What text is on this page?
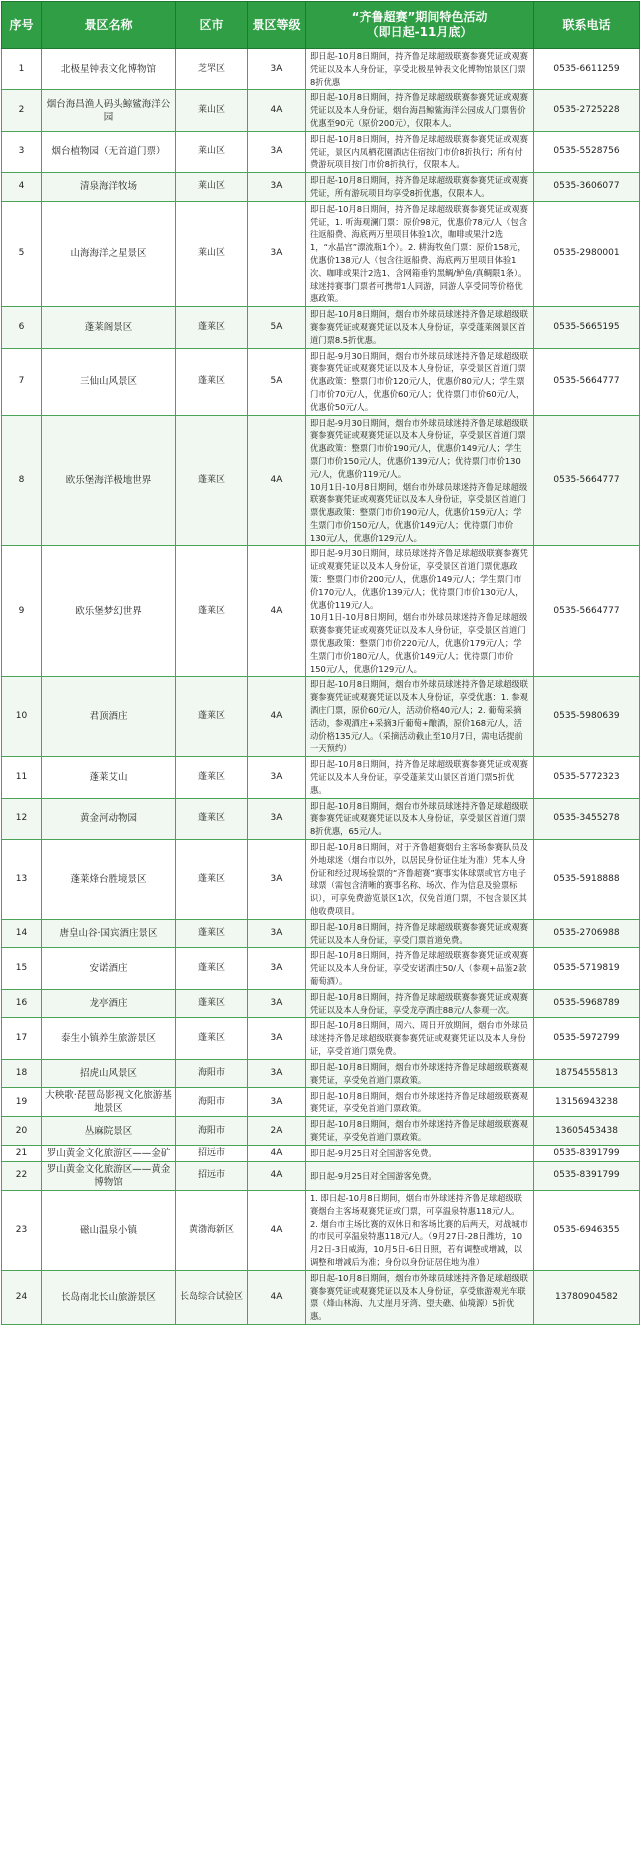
序号	景区名称	区市	景区等级	“齐鲁超赛”期间特色活动
（即日起-11月底）	联系电话
1	北极星钟表文化博物馆	芝罘区	3A	即日起-10月8日期间，持齐鲁足球超级联赛参赛凭证或观赛凭证以及本人身份证，享受北极星钟表文化博物馆景区门票8折优惠	0535-6611259
2	烟台海昌渔人码头鲸鲨海洋公园	莱山区	4A	即日起-10月8日期间，持齐鲁足球超级联赛参赛凭证或观赛凭证以及本人身份证，烟台海昌鲸鲨海洋公园成人门票售价优惠至90元（原价200元），仅限本人。	0535-2725228
3	烟台植物园（无首道门票）	莱山区	3A	即日起-10月8日期间，持齐鲁足球超级联赛参赛凭证或观赛凭证，景区内凤栖花園酒店住宿按门市价8折执行；所有付费游玩项目按门市价8折执行，仅限本人。	0535-5528756
4	清泉海洋牧场	莱山区	3A	即日起-10月8日期间，持齐鲁足球超级联赛参赛凭证或观赛凭证，所有游玩项目均享受8折优惠，仅限本人。	0535-3606077
5	山海海洋之星景区	莱山区	3A	即日起-10月8日期间，持齐鲁足球超级联赛参赛凭证或观赛凭证，1. 听海观澜门票：原价98元，优惠价78元/人（包含往返船费、海底两万里项目体验1次，咖啡或果汁2选1，“水晶宫”漂流瓶1个）。2. 耕海牧鱼门票：原价158元，优惠价138元/人（包含往返船费、海底两万里项目体验1次、咖啡或果汁2选1、含网箱垂钓黑鲷/鲈鱼/真鲷限1条）。球迷持赛事门票者可携带1人同游，同游人享受同等价格优惠政策。	0535-2980001
6	蓬莱阁景区	蓬莱区	5A	即日起-10月8日期间，烟台市外球员球迷持齐鲁足球超级联赛参赛凭证或观赛凭证以及本人身份证，享受蓬莱阁景区首道门票8.5折优惠。	0535-5665195
7	三仙山风景区	蓬莱区	5A	即日起-9月30日期间，烟台市外球员球迷持齐鲁足球超级联赛参赛凭证或观赛凭证以及本人身份证，享受景区首道门票优惠政策：整票门市价120元/人，优惠价80元/人；学生票门市价70元/人，优惠价60元/人；优待票门市价60元/人，优惠价50元/人。	0535-5664777
8	欧乐堡海洋极地世界	蓬莱区	4A	即日起-9月30日期间，烟台市外球员球迷持齐鲁足球超级联赛参赛凭证或观赛凭证以及本人身份证，享受景区首道门票优惠政策：整票门市价190元/人，优惠价149元/人；学生票门市价150元/人，优惠价139元/人；优待票门市价130元/人，优惠价119元/人。
10月1日-10月8日期间，烟台市外球员球迷持齐鲁足球超级联赛参赛凭证或观赛凭证以及本人身份证，享受景区首道门票优惠政策：整票门市价190元/人，优惠价159元/人；学生票门市价150元/人，优惠价149元/人；优待票门市价130元/人，优惠价129元/人。	0535-5664777
9	欧乐堡梦幻世界	蓬莱区	4A	即日起-9月30日期间，球员球迷持齐鲁足球超级联赛参赛凭证或观赛凭证以及本人身份证，享受景区首道门票优惠政策：整票门市价200元/人，优惠价149元/人；学生票门市价170元/人，优惠价139元/人；优待票门市价130元/人，优惠价119元/人。
10月1日-10月8日期间，烟台市外球员球迷持齐鲁足球超级联赛参赛凭证或观赛凭证以及本人身份证，享受景区首道门票优惠政策：整票门市价220元/人，优惠价179元/人；学生票门市价180元/人，优惠价149元/人；优待票门市价150元/人，优惠价129元/人。	0535-5664777
10	君顶酒庄	蓬莱区	4A	即日起-10月8日期间，烟台市外球员球迷持齐鲁足球超级联赛参赛凭证或观赛凭证以及本人身份证，享受优惠：1. 参观酒庄门票，原价60元/人，活动价格40元/人；2. 葡萄采摘活动，参观酒庄+采摘3斤葡萄+酿酒，原价168元/人，活动价格135元/人。（采摘活动截止至10月7日，需电话提前一天预约）	0535-5980639
11	蓬莱艾山	蓬莱区	3A	即日起-10月8日期间，持齐鲁足球超级联赛参赛凭证或观赛凭证以及本人身份证，享受蓬莱艾山景区首道门票5折优惠。	0535-5772323
12	黄金河动物园	蓬莱区	3A	即日起-10月8日期间，烟台市外球员球迷持齐鲁足球超级联赛参赛凭证或观赛凭证以及本人身份证，享受景区首道门票8折优惠，65元/人。	0535-3455278
13	蓬莱烽台胜境景区	蓬莱区	3A	即日起-10月8日期间，对于齐鲁超赛烟台主客场参赛队员及外地球迷（烟台市以外，以居民身份证住址为准）凭本人身份证和经过现场验票的“齐鲁超赛”赛事实体球票或官方电子球票（需包含清晰的赛事名称、场次、作为信息及验票标识），可享免费游览景区1次，仅免首道门票，不包含景区其他收费项目。	0535-5918888
14	唐皇山谷·国宾酒庄景区	蓬莱区	3A	即日起-10月8日期间，持齐鲁足球超级联赛参赛凭证或观赛凭证以及本人身份证，享受门票首道免费。	0535-2706988
15	安诺酒庄	蓬莱区	3A	即日起-10月8日期间，持齐鲁足球超级联赛参赛凭证或观赛凭证以及本人身份证，享受安诺酒庄50/人（参观+品鉴2款葡萄酒）。	0535-5719819
16	龙亭酒庄	蓬莱区	3A	即日起-10月8日期间，持齐鲁足球超级联赛参赛凭证或观赛凭证以及本人身份证，享受龙亭酒庄88元/人参观一次。	0535-5968789
17	泰生小镇养生旅游景区	蓬莱区	3A	即日起-10月8日期间，周六、周日开放期间，烟台市外球员球迷持齐鲁足球超级联赛参赛凭证或观赛凭证以及本人身份证，享受首道门票免费。	0535-5972799
18	招虎山风景区	海阳市	3A	即日起-10月8日期间，烟台市外球迷持齐鲁足球超级联赛观赛凭证，享受免首道门票政策。	18754555813
19	大秧歌·琵琶岛影视文化旅游基地景区	海阳市	3A	即日起-10月8日期间，烟台市外球迷持齐鲁足球超级联赛观赛凭证，享受免首道门票政策。	13156943238
20	丛麻院景区	海阳市	2A	即日起-10月8日期间，烟台市外球迷持齐鲁足球超级联赛观赛凭证，享受免首道门票政策。	13605453438
21	罗山黄金文化旅游区——金矿	招远市	4A	即日起-9月25日对全国游客免费。	0535-8391799
22	罗山黄金文化旅游区——黄金博物馆	招远市	4A	即日起-9月25日对全国游客免费。	0535-8391799
23	磁山温泉小镇	黄渤海新区	4A	1. 即日起-10月8日期间，烟台市外球迷持齐鲁足球超级联赛烟台主客场观赛凭证或门票，可享温泉特惠118元/人。
2. 烟台市主场比赛的双休日和客场比赛的后两天，对战城市的市民可享温泉特惠118元/人。（9月27日-28日潍坊，10月2日-3日威海，10月5日-6日日照，若有调整或增减，以调整和增减后为准；身份以身份证居住地为准）	0535-6946355
24	长岛南北长山旅游景区	长岛综合试验区	4A	即日起-10月8日期间，烟台市外球员球迷持齐鲁足球超级联赛参赛凭证或观赛凭证以及本人身份证，享受旅游观光车联票（烽山林海、九丈崖月牙湾、望夫礁、仙境源）5折优惠。	13780904582
